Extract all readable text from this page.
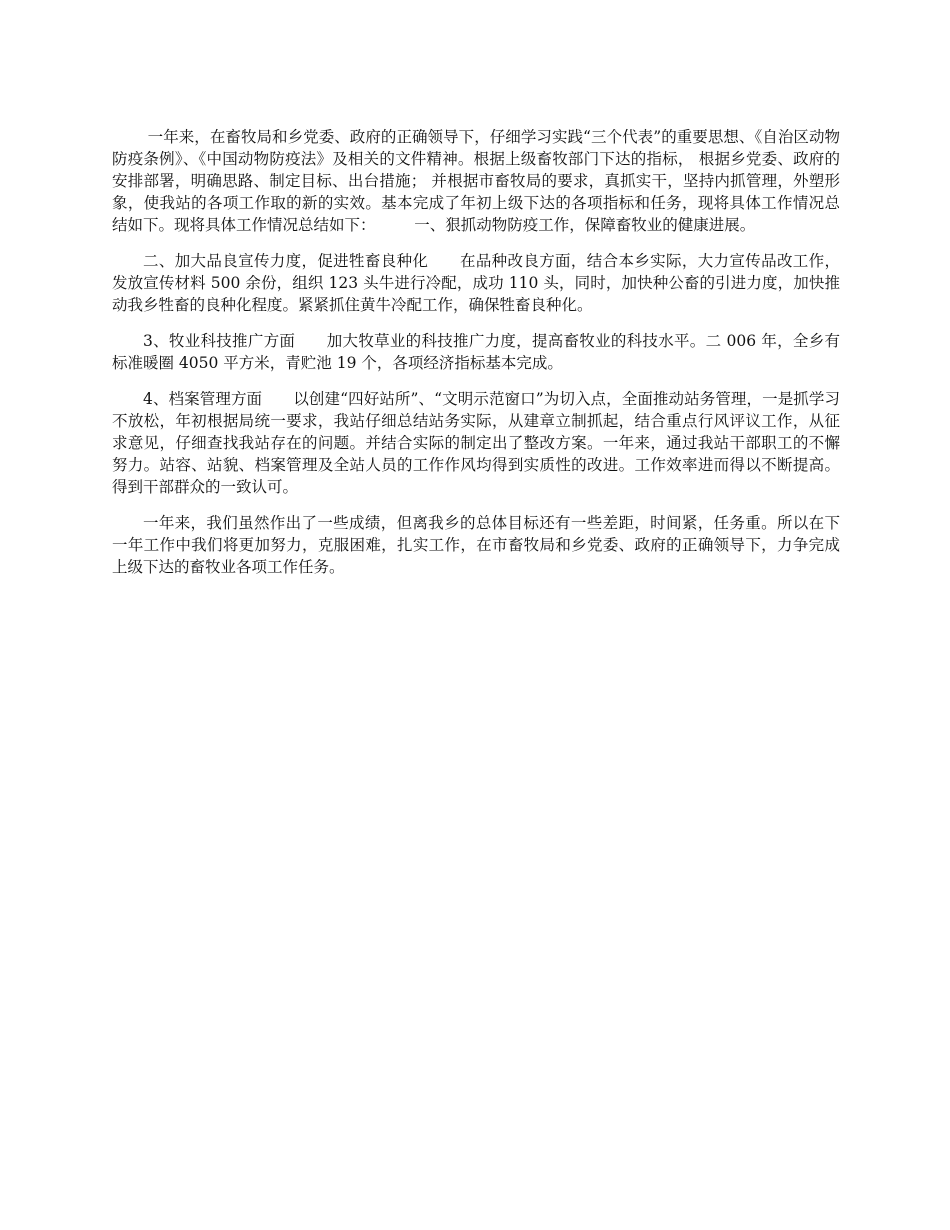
一年来，在畜牧局和乡党委、政府的正确领导下，仔细学习实践“三个代表”的重要思想、《自治区动物防疫条例》、《中国动物防疫法》及相关的文件精神。根据上级畜牧部门下达的指标， 根据乡党委、政府的安排部署，明确思路、制定目标、出台措施； 并根据市畜牧局的要求，真抓实干，坚持内抓管理，外塑形象，使我站的各项工作取的新的实效。基本完成了年初上级下达的各项指标和任务，现将具体工作情况总结如下。现将具体工作情况总结如下：　　　一、狠抓动物防疫工作，保障畜牧业的健康进展。

二、加大品良宣传力度，促进牲畜良种化　　在品种改良方面，结合本乡实际，大力宣传品改工作，发放宣传材料 500 余份，组织 123 头牛进行冷配，成功 110 头，同时，加快种公畜的引进力度，加快推动我乡牲畜的良种化程度。紧紧抓住黄牛冷配工作，确保牲畜良种化。

3、牧业科技推广方面　　加大牧草业的科技推广力度，提高畜牧业的科技水平。二 006 年，全乡有标准暖圈 4050 平方米，青贮池 19 个，各项经济指标基本完成。

4、档案管理方面　　以创建“四好站所”、“文明示范窗口”为切入点，全面推动站务管理，一是抓学习不放松，年初根据局统一要求，我站仔细总结站务实际，从建章立制抓起，结合重点行风评议工作，从征求意见，仔细查找我站存在的问题。并结合实际的制定出了整改方案。一年来，通过我站干部职工的不懈努力。站容、站貌、档案管理及全站人员的工作作风均得到实质性的改进。工作效率进而得以不断提高。得到干部群众的一致认可。

一年来，我们虽然作出了一些成绩，但离我乡的总体目标还有一些差距，时间紧，任务重。所以在下一年工作中我们将更加努力，克服困难，扎实工作，在市畜牧局和乡党委、政府的正确领导下，力争完成上级下达的畜牧业各项工作任务。
